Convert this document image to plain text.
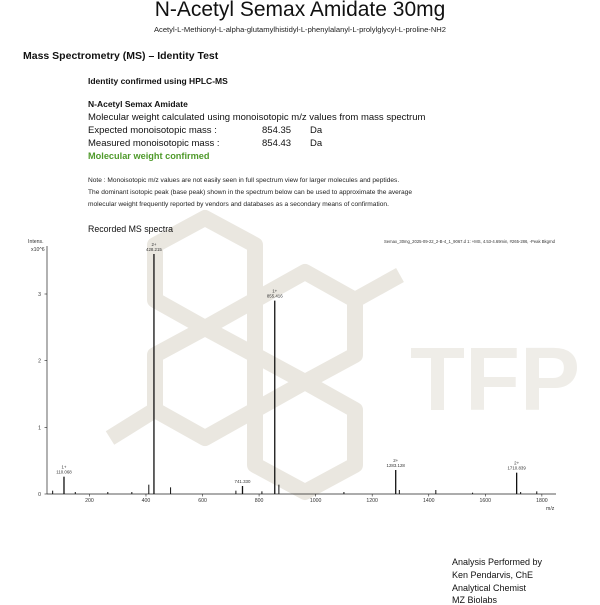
TFP
N-Acetyl Semax Amidate 30mg
Acetyl-L-Methionyl-L-alpha-glutamylhistidyl-L-phenylalanyl-L-prolylglycyl-L-proline-NH2
Mass Spectrometry (MS) – Identity Test
Identity confirmed using HPLC-MS
N-Acetyl Semax Amidate
Molecular weight calculated using monoisotopic m/z values from mass spectrum
Expected monoisotopic mass :	854.35 Da
Measured monoisotopic mass :	854.43 Da
Molecular weight confirmed
Note : Monoisotopic m/z values are not easily seen in full spectrum view for larger molecules and peptides.
The dominant isotopic peak (base peak) shown in the spectrum below can be used to approximate the average
molecular weight frequently reported by vendors and databases as a secondary means of confirmation.
Recorded MS spectra
Semax_30mg_2025-09-22_2-B-4_1_9067.d 1: +MS, 4.53-4.69min, #265-286, -Peak Bkgrnd
Intens.
x10^6
m/z
200	400	600	800	1000	1200	1400	1600	1800
0
1
2
3
1+
110.068
2+
428.215
741.330
1+
855.416
2+
1283.128	2+
1710.839
Analysis Performed by
Ken Pendarvis, ChE
Analytical Chemist
MZ Biolabs
